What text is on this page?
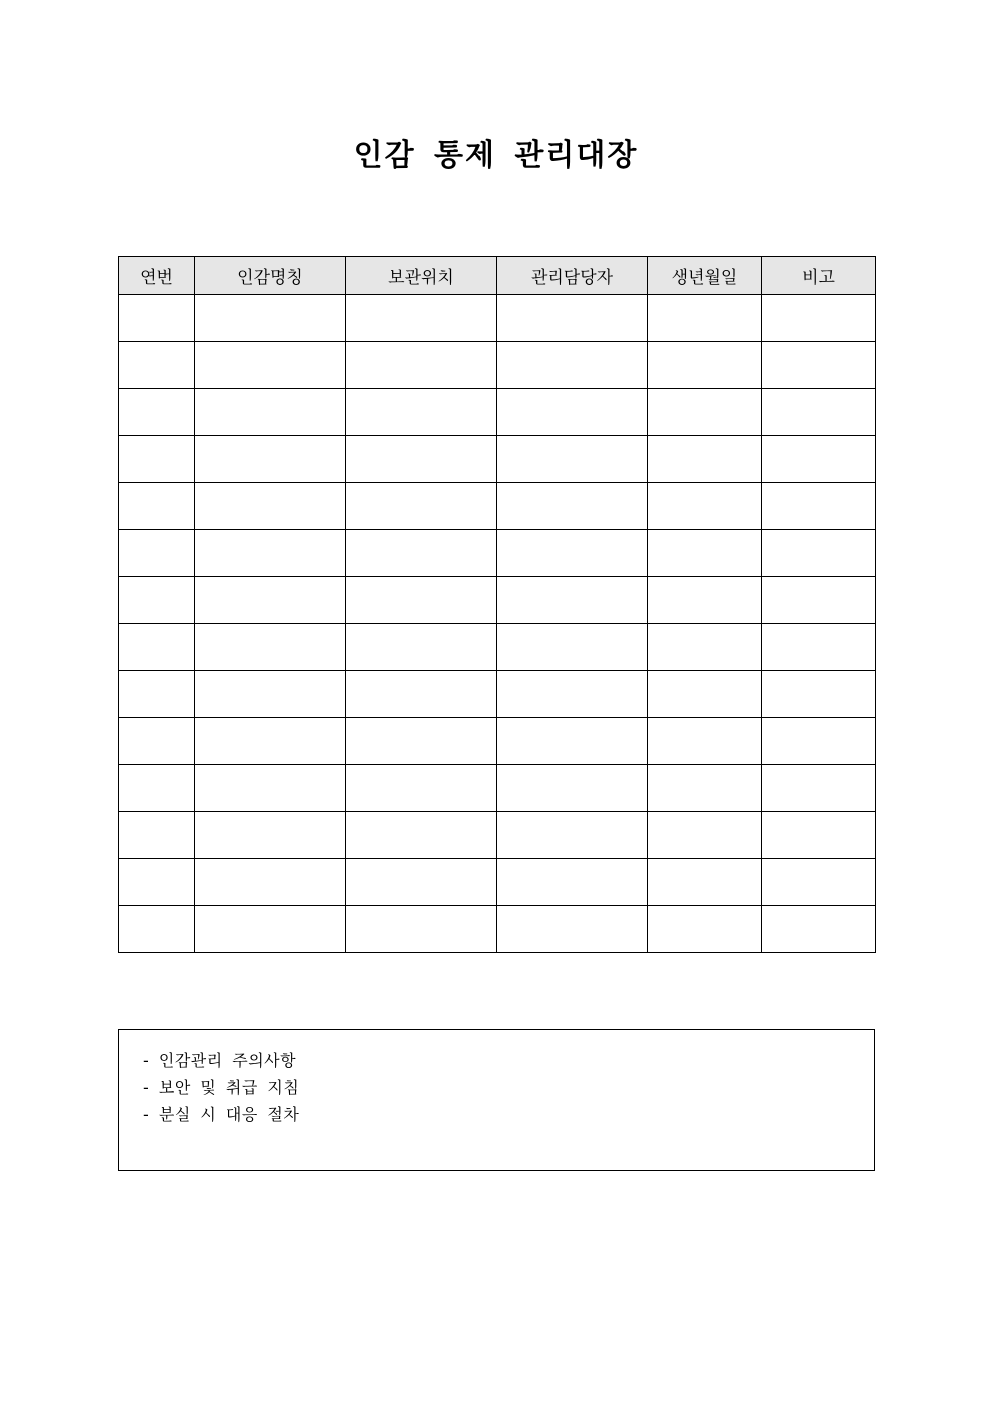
인감 통제 관리대장
연번	인감명칭	보관위치	관리담당자	생년월일	비고

- 인감관리 주의사항
- 보안 및 취급 지침
- 분실 시 대응 절차
